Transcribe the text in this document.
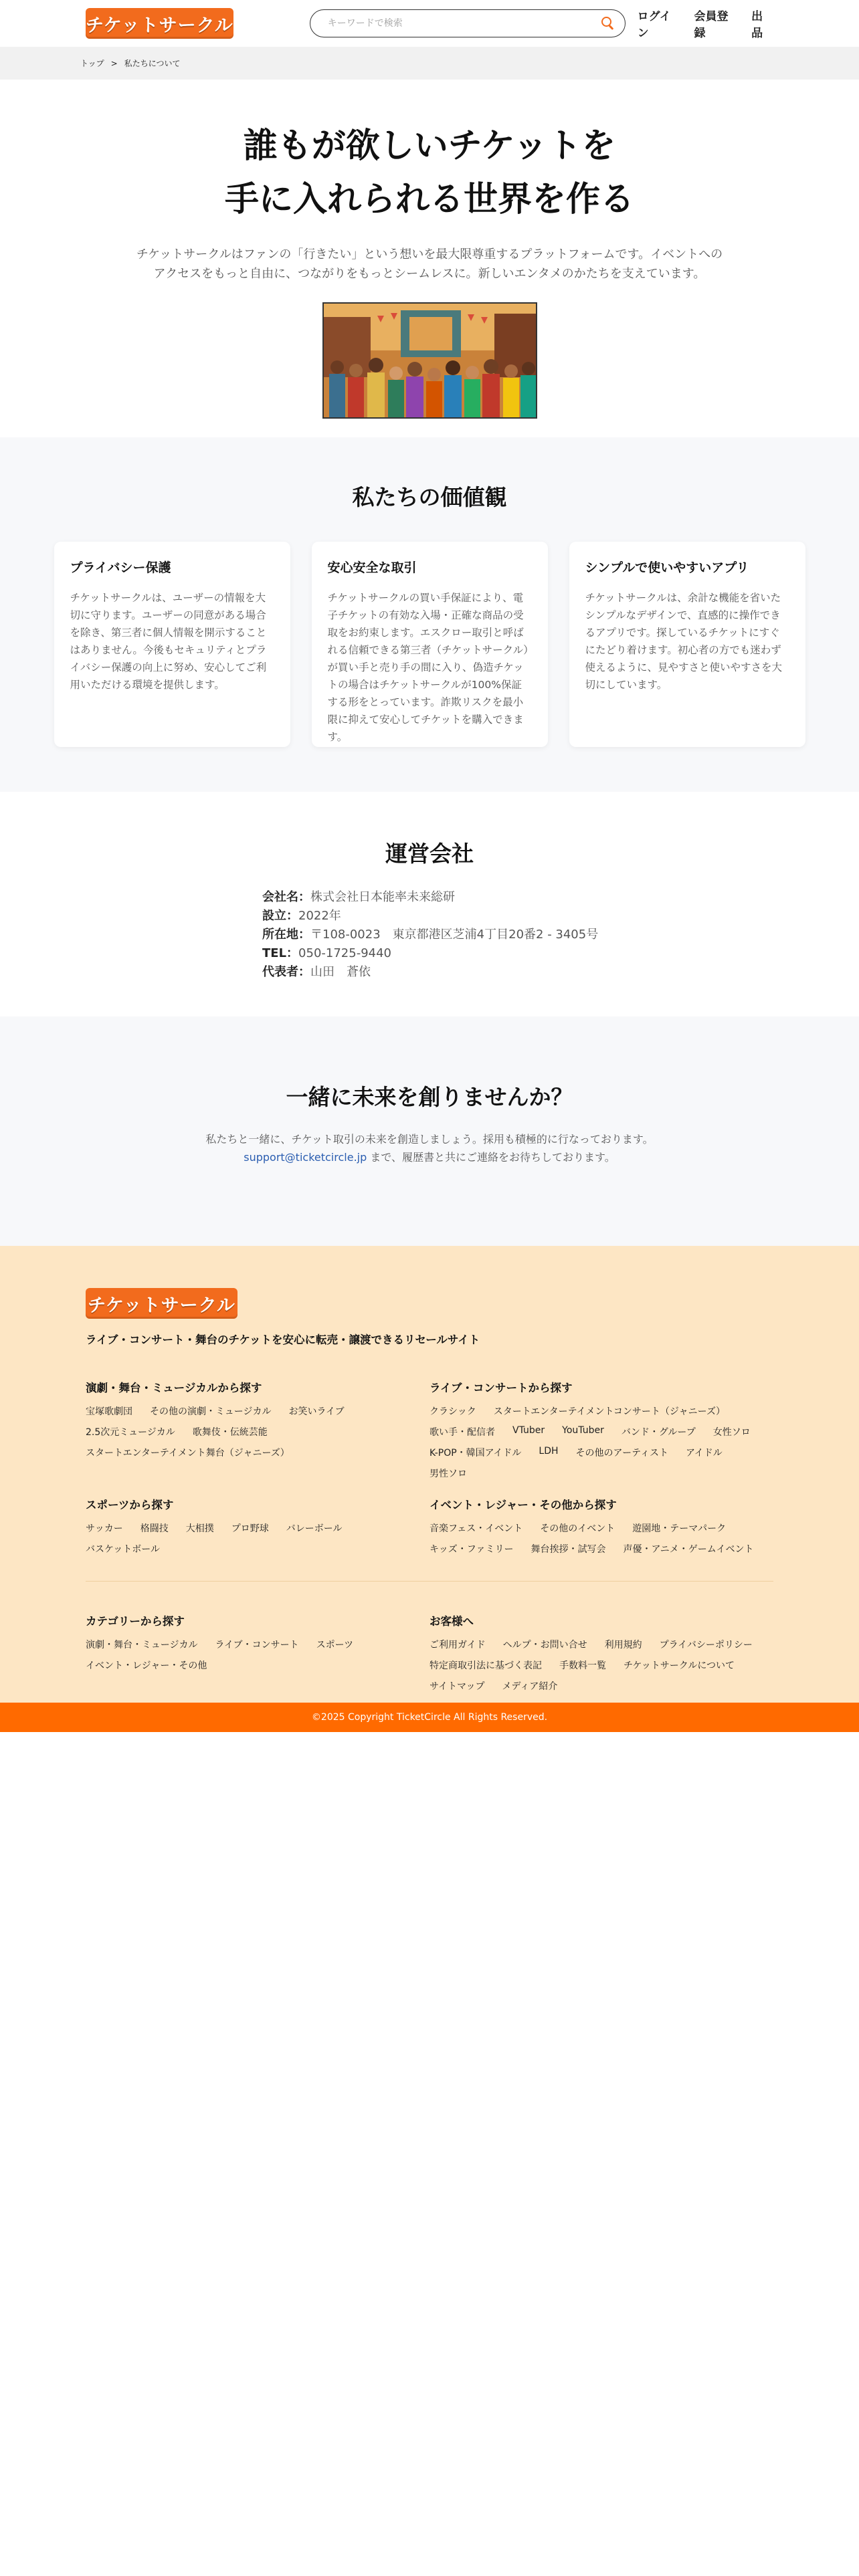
チケットサークル
キーワードで検索	ログイン
会員登録
出品
トップ > 私たちについて
誰もが欲しいチケットを
手に入れられる世界を作る

チケットサークルはファンの「行きたい」という想いを最大限尊重するプラットフォームです。イベントへの
アクセスをもっと自由に、つながりをもっとシームレスに。新しいエンタメのかたちを支えています。

私たちの価値観
プライバシー保護

チケットサークルは、ユーザーの情報を大切に守ります。ユーザーの同意がある場合を除き、第三者に個人情報を開示することはありません。今後もセキュリティとプライバシー保護の向上に努め、安心してご利用いただける環境を提供します。

安心安全な取引

チケットサークルの買い手保証により、電子チケットの有効な入場・正確な商品の受取をお約束します。エスクロー取引と呼ばれる信頼できる第三者（チケットサークル）が買い手と売り手の間に入り、偽造チケットの場合はチケットサークルが100%保証する形をとっています。詐欺リスクを最小限に抑えて安心してチケットを購入できます。

シンプルで使いやすいアプリ

チケットサークルは、余計な機能を省いたシンプルなデザインで、直感的に操作できるアプリです。探しているチケットにすぐにたどり着けます。初心者の方でも迷わず使えるように、見やすさと使いやすさを大切にしています。

運営会社
会社名：株式会社日本能率未来総研
設立：2022年
所在地：〒108-0023　東京都港区芝浦4丁目20番2 - 3405号
TEL：050-1725-9440
代表者：山田　蒼依
一緒に未来を創りませんか？

私たちと一緒に、チケット取引の未来を創造しましょう。採用も積極的に行なっております。
support@ticketcircle.jp まで、履歴書と共にご連絡をお待ちしております。

チケットサークル
ライブ・コンサート・舞台のチケットを安心に転売・譲渡できるリセールサイト
演劇・舞台・ミュージカルから探す
宝塚歌劇団 その他の演劇・ミュージカル お笑いライブ
2.5次元ミュージカル 歌舞伎・伝統芸能
スタートエンターテイメント舞台（ジャニーズ）
ライブ・コンサートから探す
クラシック スタートエンターテイメントコンサート（ジャニーズ）
歌い手・配信者 VTuber YouTuber バンド・グループ 女性ソロ
K-POP・韓国アイドル LDH その他のアーティスト アイドル
男性ソロ
スポーツから探す
サッカー 格闘技 大相撲 プロ野球 バレーボール
バスケットボール
イベント・レジャー・その他から探す
音楽フェス・イベント その他のイベント 遊園地・テーマパーク
キッズ・ファミリー 舞台挨拶・試写会 声優・アニメ・ゲームイベント
カテゴリーから探す
演劇・舞台・ミュージカル ライブ・コンサート スポーツ
イベント・レジャー・その他
お客様へ
ご利用ガイド ヘルプ・お問い合せ 利用規約 プライバシーポリシー
特定商取引法に基づく表記 手数料一覧 チケットサークルについて
サイトマップ メディア紹介
©2025 Copyright TicketCircle All Rights Reserved.
